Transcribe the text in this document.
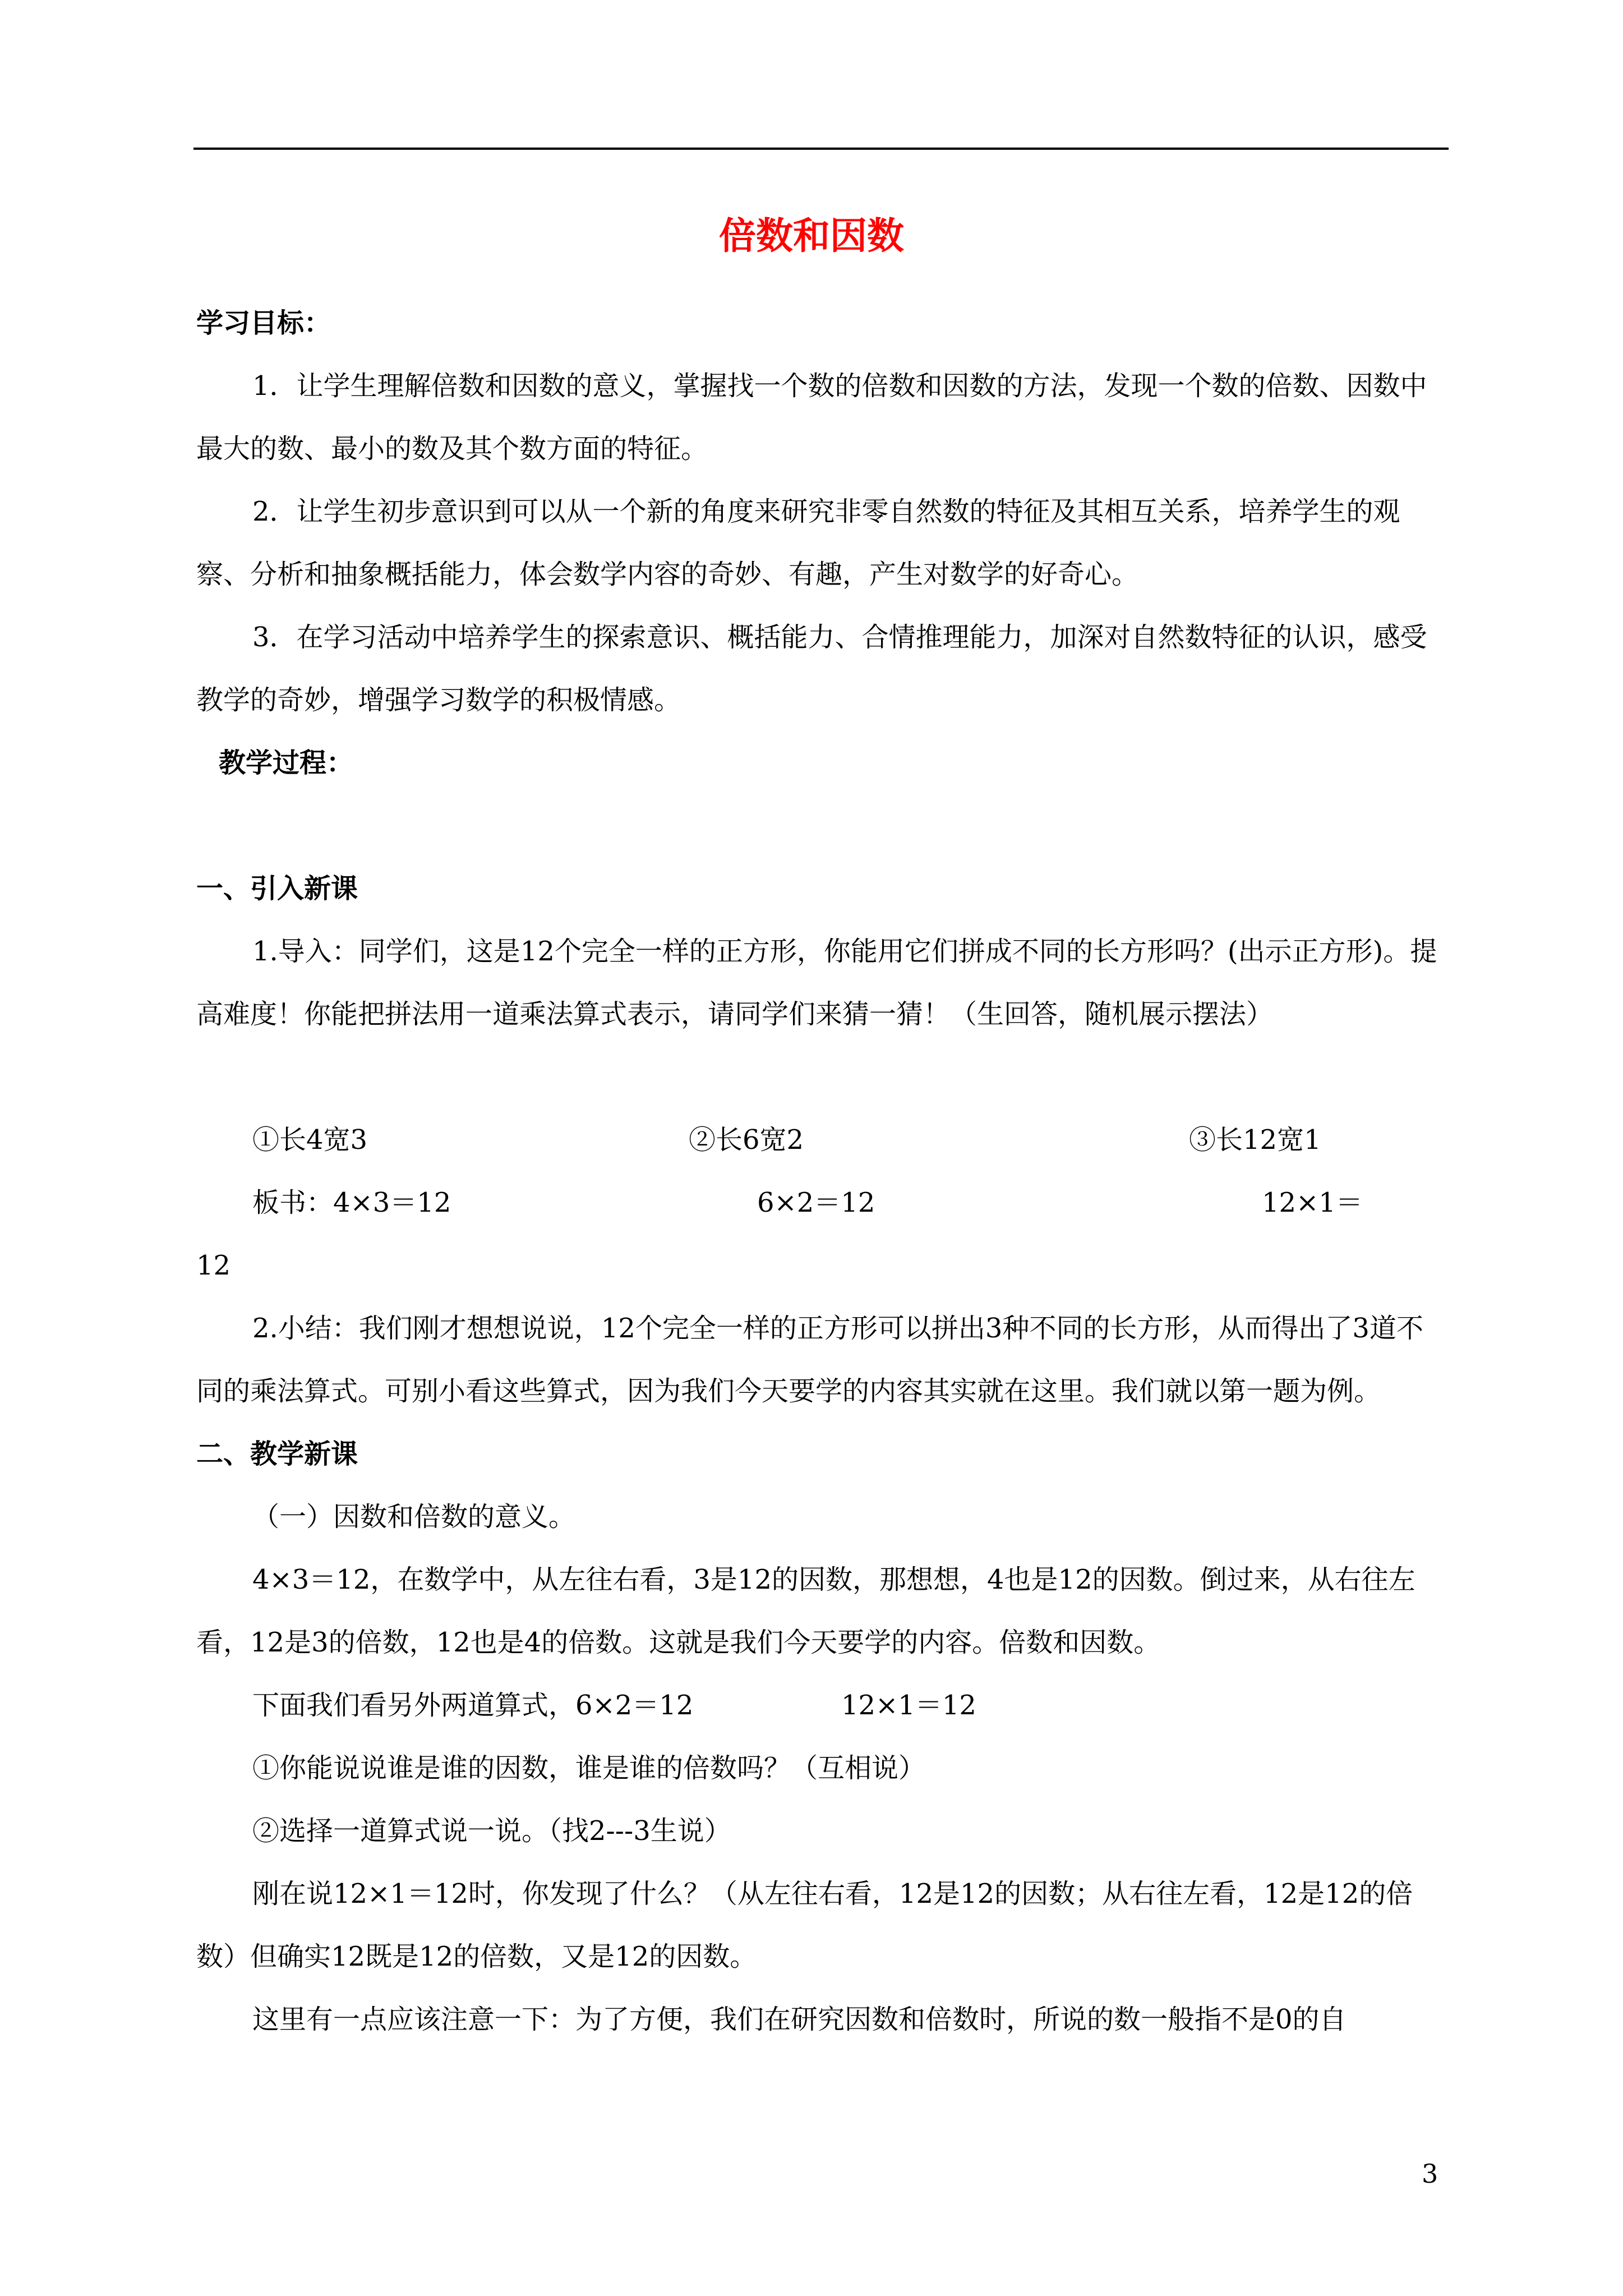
倍数和因数

学习目标：

1．让学生理解倍数和因数的意义，掌握找一个数的倍数和因数的方法，发现一个数的倍数、因数中最大的数、最小的数及其个数方面的特征。

2．让学生初步意识到可以从一个新的角度来研究非零自然数的特征及其相互关系，培养学生的观察、分析和抽象概括能力，体会数学内容的奇妙、有趣，产生对数学的好奇心。

3．在学习活动中培养学生的探索意识、概括能力、合情推理能力，加深对自然数特征的认识，感受教学的奇妙，增强学习数学的积极情感。

教学过程：

一、引入新课

1.导入：同学们，这是12个完全一样的正方形，你能用它们拼成不同的长方形吗？(出示正方形)。提高难度！你能把拼法用一道乘法算式表示，请同学们来猜一猜！（生回答，随机展示摆法）

①长4宽3	②长6宽2	③长12宽1
板书：4×3＝12	6×2＝12	12×1＝

12

2.小结：我们刚才想想说说，12个完全一样的正方形可以拼出3种不同的长方形，从而得出了3道不同的乘法算式。可别小看这些算式，因为我们今天要学的内容其实就在这里。我们就以第一题为例。

二、教学新课

（一）因数和倍数的意义。

4×3＝12，在数学中，从左往右看，3是12的因数，那想想，4也是12的因数。倒过来，从右往左看，12是3的倍数，12也是4的倍数。这就是我们今天要学的内容。倍数和因数。

下面我们看另外两道算式，6×2＝12	12×1＝12

①你能说说谁是谁的因数，谁是谁的倍数吗？（互相说）

②选择一道算式说一说。（找2---3生说）

刚在说12×1＝12时，你发现了什么？（从左往右看，12是12的因数；从右往左看，12是12的倍数）但确实12既是12的倍数，又是12的因数。

这里有一点应该注意一下：为了方便，我们在研究因数和倍数时，所说的数一般指不是0的自

3
